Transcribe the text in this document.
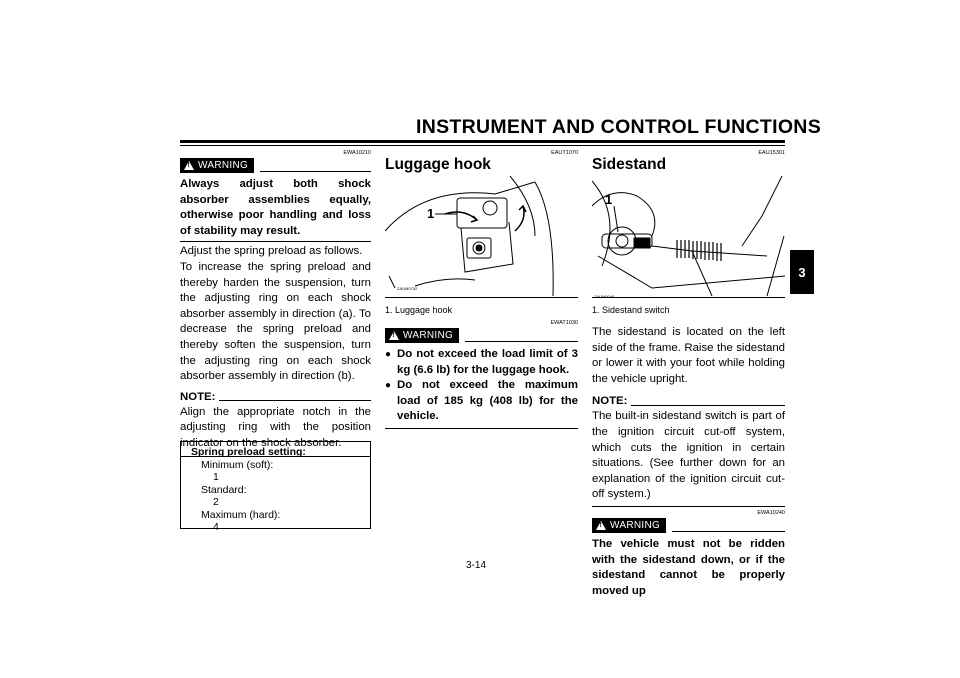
INSTRUMENT AND CONTROL FUNCTIONS
3
EWA10210
!
WARNING
Always adjust both shock absorber assemblies equally, otherwise poor handling and loss of stability may result.
Adjust the spring preload as follows.
To increase the spring preload and thereby harden the suspension, turn the adjusting ring on each shock absorber assembly in direction (a). To decrease the spring preload and thereby soften the suspension, turn the adjusting ring on each shock absorber assembly in direction (b).
NOTE:
Align the appropriate notch in the adjusting ring with the position indicator on the shock absorber.
Spring preload setting:
Minimum (soft):
1
Standard:
2
Maximum (hard):
4
EAUT1070
Luggage hook
1
ZAUM0752
1. Luggage hook
EWAT1030
!
WARNING
● Do not exceed the load limit of 3 kg (6.6 lb) for the luggage hook.
● Do not exceed the maximum load of 185 kg (408 lb) for the vehicle.
EAU15301
Sidestand
1
1. Sidestand switch
The sidestand is located on the left side of the frame. Raise the sidestand or lower it with your foot while holding the vehicle upright.
NOTE:
The built-in sidestand switch is part of the ignition circuit cut-off system, which cuts the ignition in certain situations. (See further down for an explanation of the ignition circuit cut-off system.)
EWA10240
!
WARNING
The vehicle must not be ridden with the sidestand down, or if the sidestand cannot be properly moved up
3-14
